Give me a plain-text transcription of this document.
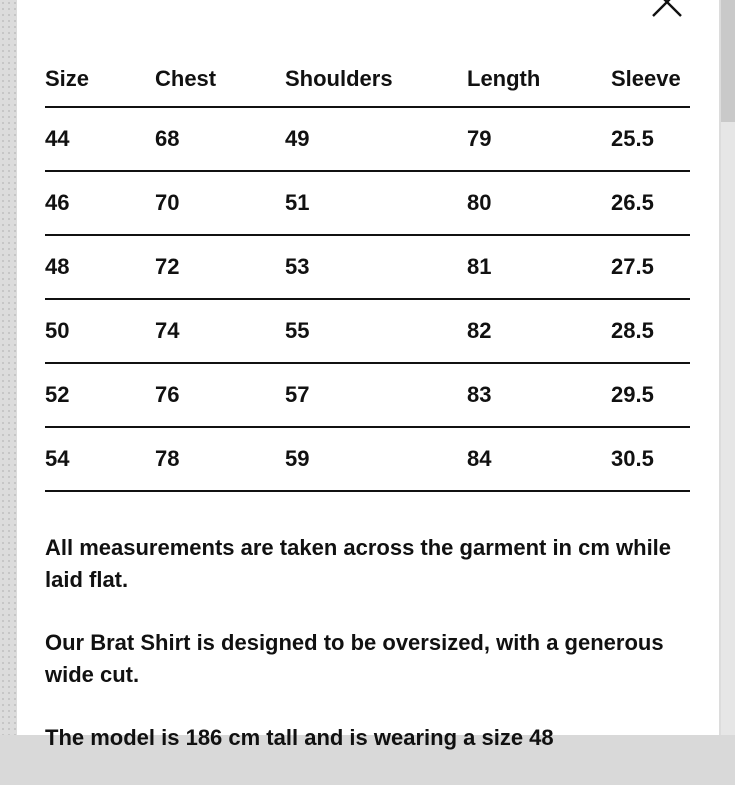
Size	Chest	Shoulders	Length	Sleeve
44	68	49	79	25.5
46	70	51	80	26.5
48	72	53	81	27.5
50	74	55	82	28.5
52	76	57	83	29.5
54	78	59	84	30.5

All measurements are taken across the garment in cm while laid flat.

Our Brat Shirt is designed to be oversized, with a generous wide cut.

The model is 186 cm tall and is wearing a size 48
